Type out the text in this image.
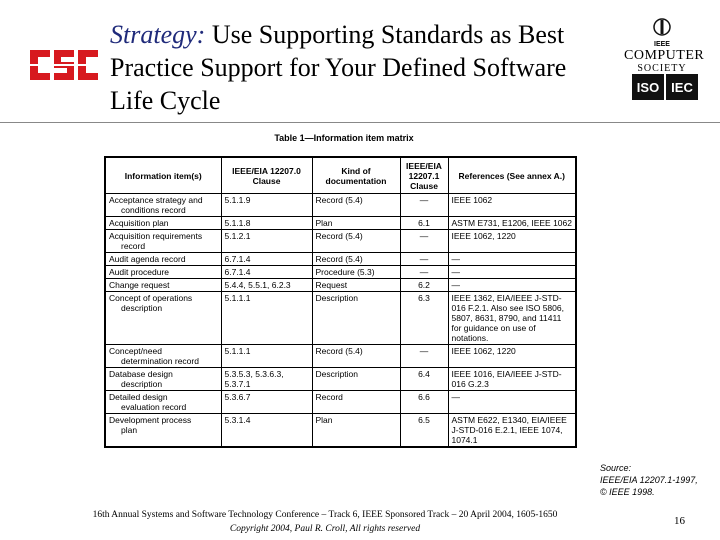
Strategy: Use Supporting Standards as Best
Practice Support for Your Defined Software
Life Cycle
IEEE
COMPUTER
SOCIETY
ISO IEC
Table 1—Information item matrix
Information item(s)	IEEE/EIA 12207.0 Clause	Kind of documentation	IEEE/EIA 12207.1 Clause	References (See annex A.)
Acceptance strategy and
conditions record	5.1.1.9	Record (5.4)	—	IEEE 1062
Acquisition plan	5.1.1.8	Plan	6.1	ASTM E731, E1206, IEEE 1062
Acquisition requirements
record	5.1.2.1	Record (5.4)	—	IEEE 1062, 1220
Audit agenda record	6.7.1.4	Record (5.4)	—	—
Audit procedure	6.7.1.4	Procedure (5.3)	—	—
Change request	5.4.4, 5.5.1, 6.2.3	Request	6.2	—
Concept of operations
description	5.1.1.1	Description	6.3	IEEE 1362, EIA/IEEE J-STD-016 F.2.1. Also see ISO 5806, 5807, 8631, 8790, and 11411 for guidance on use of notations.
Concept/need
determination record	5.1.1.1	Record (5.4)	—	IEEE 1062, 1220
Database design
description	5.3.5.3, 5.3.6.3, 5.3.7.1	Description	6.4	IEEE 1016, EIA/IEEE J-STD-016 G.2.3
Detailed design
evaluation record	5.3.6.7	Record	6.6	—
Development process
plan	5.3.1.4	Plan	6.5	ASTM E622, E1340, EIA/IEEE J-STD-016 E.2.1, IEEE 1074, 1074.1
Source:
IEEE/EIA 12207.1-1997,
© IEEE 1998.
16th Annual Systems and Software Technology Conference – Track 6, IEEE Sponsored Track – 20 April 2004, 1605-1650
Copyright 2004, Paul R. Croll, All rights reserved
16
